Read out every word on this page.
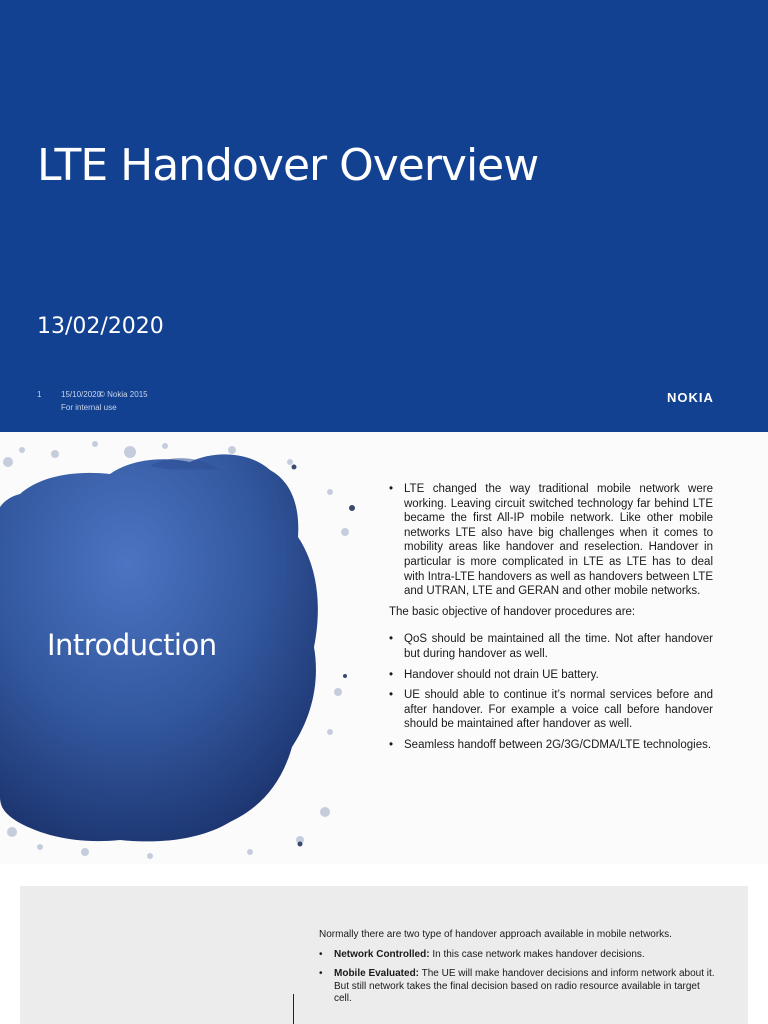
LTE Handover Overview
13/02/2020
1 15/10/2020© Nokia 2015
For internal use
NOKIA
Introduction
• LTE changed the way traditional mobile network were working. Leaving circuit switched technology far behind LTE became the first All-IP mobile network. Like other mobile networks LTE also have big challenges when it comes to mobility areas like handover and reselection. Handover in particular is more complicated in LTE as LTE has to deal with Intra-LTE handovers as well as handovers between LTE and UTRAN, LTE and GERAN and other mobile networks.

The basic objective of handover procedures are:

• QoS should be maintained all the time. Not after handover but during handover as well.
• Handover should not drain UE battery.
• UE should able to continue it’s normal services before and after handover. For example a voice call before handover should be maintained after handover as well.
• Seamless handoff between 2G/3G/CDMA/LTE technologies.

Normally there are two type of handover approach available in mobile networks.

• Network Controlled: In this case network makes handover decisions.
• Mobile Evaluated: The UE will make handover decisions and inform network about it. But still network takes the final decision based on radio resource available in target cell.
